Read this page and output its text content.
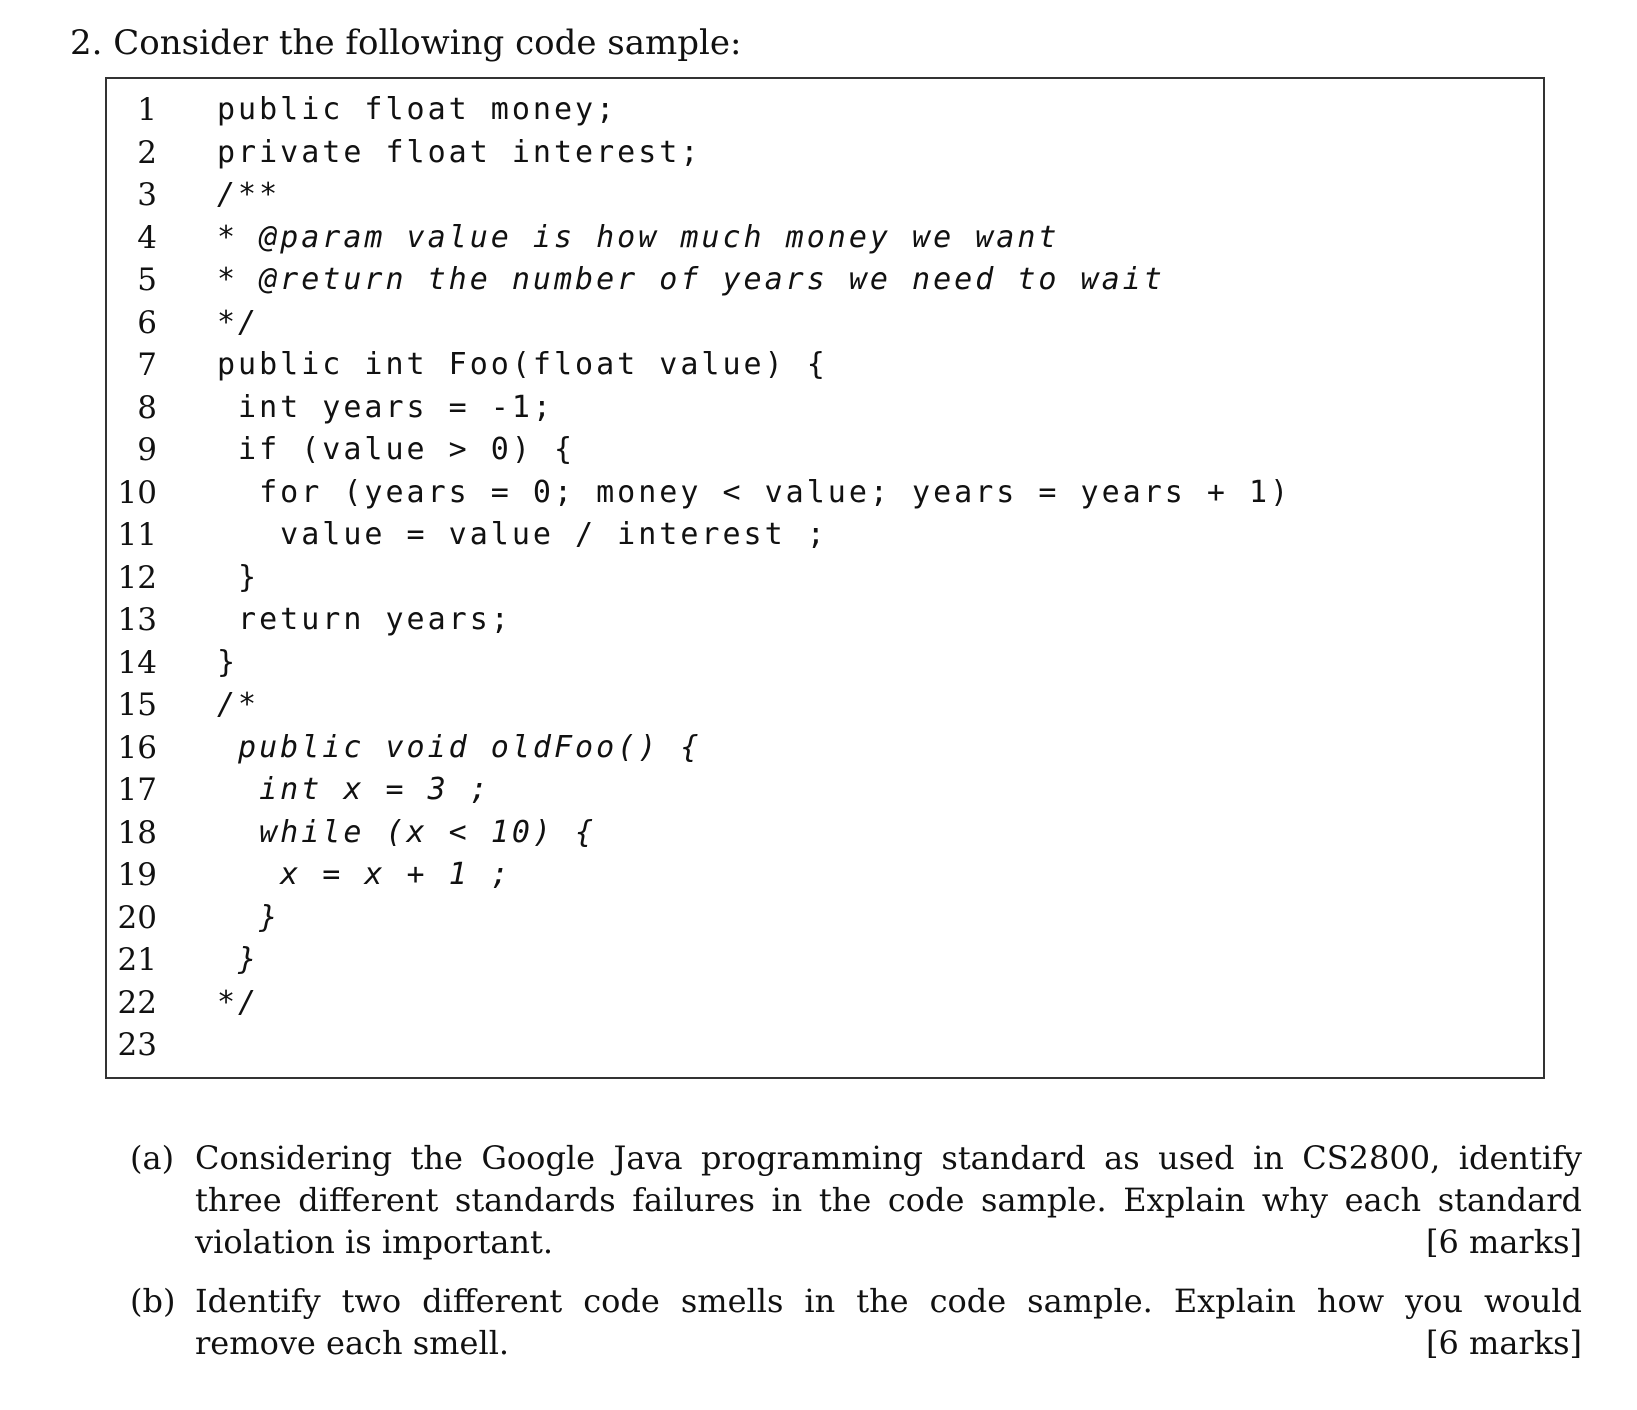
2. Consider the following code sample:
1 public float money;
2 private float interest;
3 /**
4 * @param value is how much money we want
5 * @return the number of years we need to wait
6 */
7 public int Foo(float value) {
8 int years = -1;
9 if (value > 0) {
10 for (years = 0; money < value; years = years + 1)
11 value = value / interest ;
12 }
13 return years;
14 }
15 /*
16 public void oldFoo() {
17 int x = 3 ;
18 while (x < 10) {
19 x = x + 1 ;
20 }
21 }
22 */
23
(a) Considering the Google Java programming standard as used in CS2800, identify three different standards failures in the code sample. Explain why each standard violation is important.	[6 marks]
(b) Identify two different code smells in the code sample. Explain how you would remove each smell.	[6 marks]
